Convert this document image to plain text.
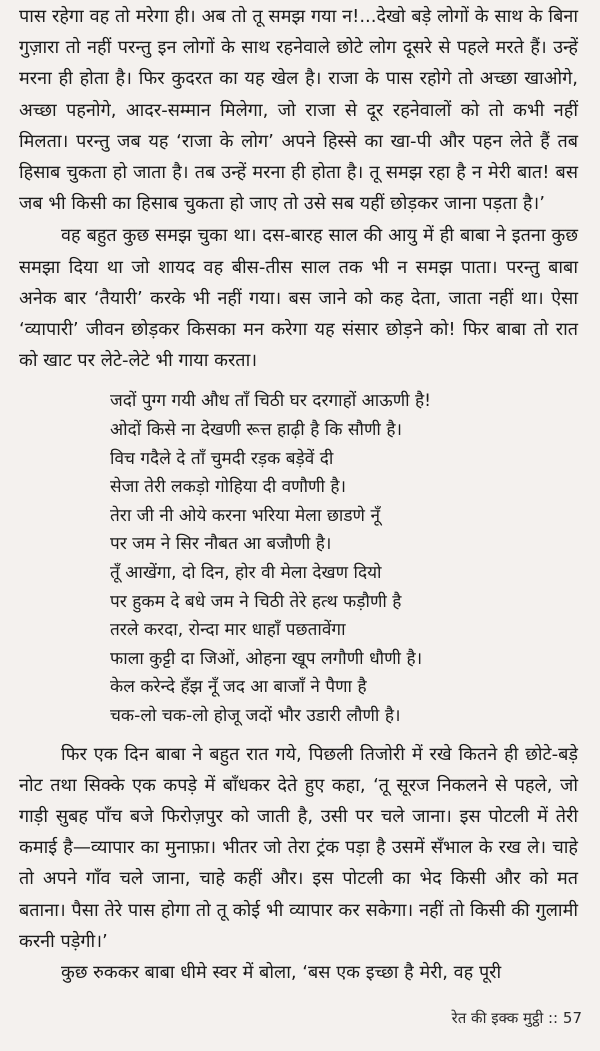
पास रहेगा वह तो मरेगा ही। अब तो तू समझ गया न!...देखो बड़े लोगों के साथ के बिना गुज़ारा तो नहीं परन्तु इन लोगों के साथ रहनेवाले छोटे लोग दूसरे से पहले मरते हैं। उन्हें मरना ही होता है। फिर कुदरत का यह खेल है। राजा के पास रहोगे तो अच्छा खाओगे, अच्छा पहनोगे, आदर-सम्मान मिलेगा, जो राजा से दूर रहनेवालों को तो कभी नहीं मिलता। परन्तु जब यह ‘राजा के लोग’ अपने हिस्से का खा-पी और पहन लेते हैं तब हिसाब चुकता हो जाता है। तब उन्हें मरना ही होता है। तू समझ रहा है न मेरी बात! बस जब भी किसी का हिसाब चुकता हो जाए तो उसे सब यहीं छोड़कर जाना पड़ता है।’

वह बहुत कुछ समझ चुका था। दस-बारह साल की आयु में ही बाबा ने इतना कुछ समझा दिया था जो शायद वह बीस-तीस साल तक भी न समझ पाता। परन्तु बाबा अनेक बार ‘तैयारी’ करके भी नहीं गया। बस जाने को कह देता, जाता नहीं था। ऐसा ‘व्यापारी’ जीवन छोड़कर किसका मन करेगा यह संसार छोड़ने को! फिर बाबा तो रात को खाट पर लेटे-लेटे भी गाया करता।

जदों पुग्ग गयी औध ताँ चिठी घर दरगाहों आऊणी है!
ओदों किसे ना देखणी रूत्त हाढ़ी है कि सौणी है।
विच गदैले दे ताँ चुमदी रड़क बड़ेवें दी
सेजा तेरी लकड़ो गोहिया दी वणौणी है।
तेरा जी नी ओये करना भरिया मेला छाडणे नूँ
पर जम ने सिर नौबत आ बजौणी है।
तूँ आखेंगा, दो दिन, होर वी मेला देखण दियो
पर हुकम दे बधे जम ने चिठी तेरे हत्थ फड़ौणी है
तरले करदा, रोन्दा मार धाहाँ पछतावेंगा
फाला कुट्टी दा जिओं, ओहना खूप लगौणी धौणी है।
केल करेन्दे हँझ नूँ जद आ बाजाँ ने पैणा है
चक-लो चक-लो होजू जदों भौर उडारी लौणी है।

फिर एक दिन बाबा ने बहुत रात गये, पिछली तिजोरी में रखे कितने ही छोटे-बड़े नोट तथा सिक्के एक कपड़े में बाँधकर देते हुए कहा, ‘तू सूरज निकलने से पहले, जो गाड़ी सुबह पाँच बजे फिरोज़पुर को जाती है, उसी पर चले जाना। इस पोटली में तेरी कमाई है—व्यापार का मुनाफ़ा। भीतर जो तेरा ट्रंक पड़ा है उसमें सँभाल के रख ले। चाहे तो अपने गाँव चले जाना, चाहे कहीं और। इस पोटली का भेद किसी और को मत बताना। पैसा तेरे पास होगा तो तू कोई भी व्यापार कर सकेगा। नहीं तो किसी की गुलामी करनी पड़ेगी।’

कुछ रुककर बाबा धीमे स्वर में बोला, ‘बस एक इच्छा है मेरी, वह पूरी

रेत की इक्क मुट्ठी :: 57
